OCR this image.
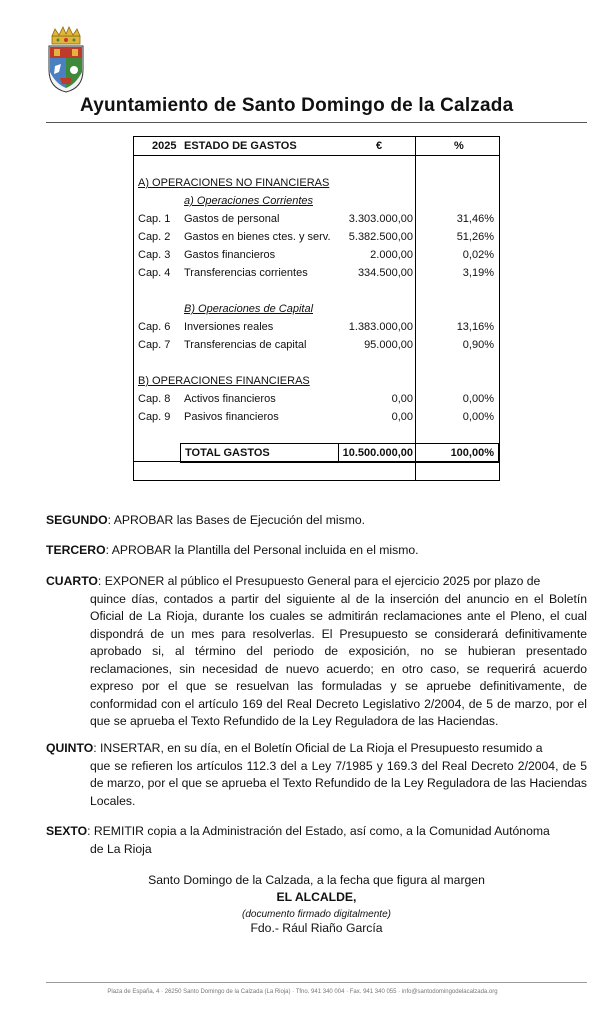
Ayuntamiento de Santo Domingo de la Calzada
2025 ESTADO DE GASTOS	€	%
A) OPERACIONES NO FINANCIERAS
a) Operaciones Corrientes
Cap. 1 Gastos de personal	3.303.000,00	31,46%
Cap. 2 Gastos en bienes ctes. y serv.	5.382.500,00	51,26%
Cap. 3 Gastos financieros	2.000,00	0,02%
Cap. 4 Transferencias corrientes	334.500,00	3,19%
B) Operaciones de Capital
Cap. 6 Inversiones reales	1.383.000,00	13,16%
Cap. 7 Transferencias de capital	95.000,00	0,90%
B) OPERACIONES FINANCIERAS
Cap. 8 Activos financieros	0,00	0,00%
Cap. 9 Pasivos financieros	0,00	0,00%
TOTAL GASTOS	10.500.000,00	100,00%
SEGUNDO: APROBAR las Bases de Ejecución del mismo.
TERCERO: APROBAR la Plantilla del Personal incluida en el mismo.
CUARTO: EXPONER al público el Presupuesto General para el ejercicio 2025 por plazo de
quince días, contados a partir del siguiente al de la inserción del anuncio en el Boletín Oficial de La Rioja, durante los cuales se admitirán reclamaciones ante el Pleno, el cual dispondrá de un mes para resolverlas. El Presupuesto se considerará definitivamente aprobado si, al término del periodo de exposición, no se hubieran presentado reclamaciones, sin necesidad de nuevo acuerdo; en otro caso, se requerirá acuerdo expreso por el que se resuelvan las formuladas y se apruebe definitivamente, de conformidad con el artículo 169 del Real Decreto Legislativo 2/2004, de 5 de marzo, por el que se aprueba el Texto Refundido de la Ley Reguladora de las Haciendas.
QUINTO: INSERTAR, en su día, en el Boletín Oficial de La Rioja el Presupuesto resumido a
que se refieren los artículos 112.3 del a Ley 7/1985 y 169.3 del Real Decreto 2/2004, de 5 de marzo, por el que se aprueba el Texto Refundido de la Ley Reguladora de las Haciendas Locales.
SEXTO: REMITIR copia a la Administración del Estado, así como, a la Comunidad Autónoma
de La Rioja
Santo Domingo de la Calzada, a la fecha que figura al margen
EL ALCALDE,
(documento firmado digitalmente)
Fdo.- Rául Riaño García
Plaza de España, 4 · 26250 Santo Domingo de la Calzada (La Rioja) · Tfno. 941 340 004 · Fax. 941 340 055 · info@santodomingodelacalzada.org
